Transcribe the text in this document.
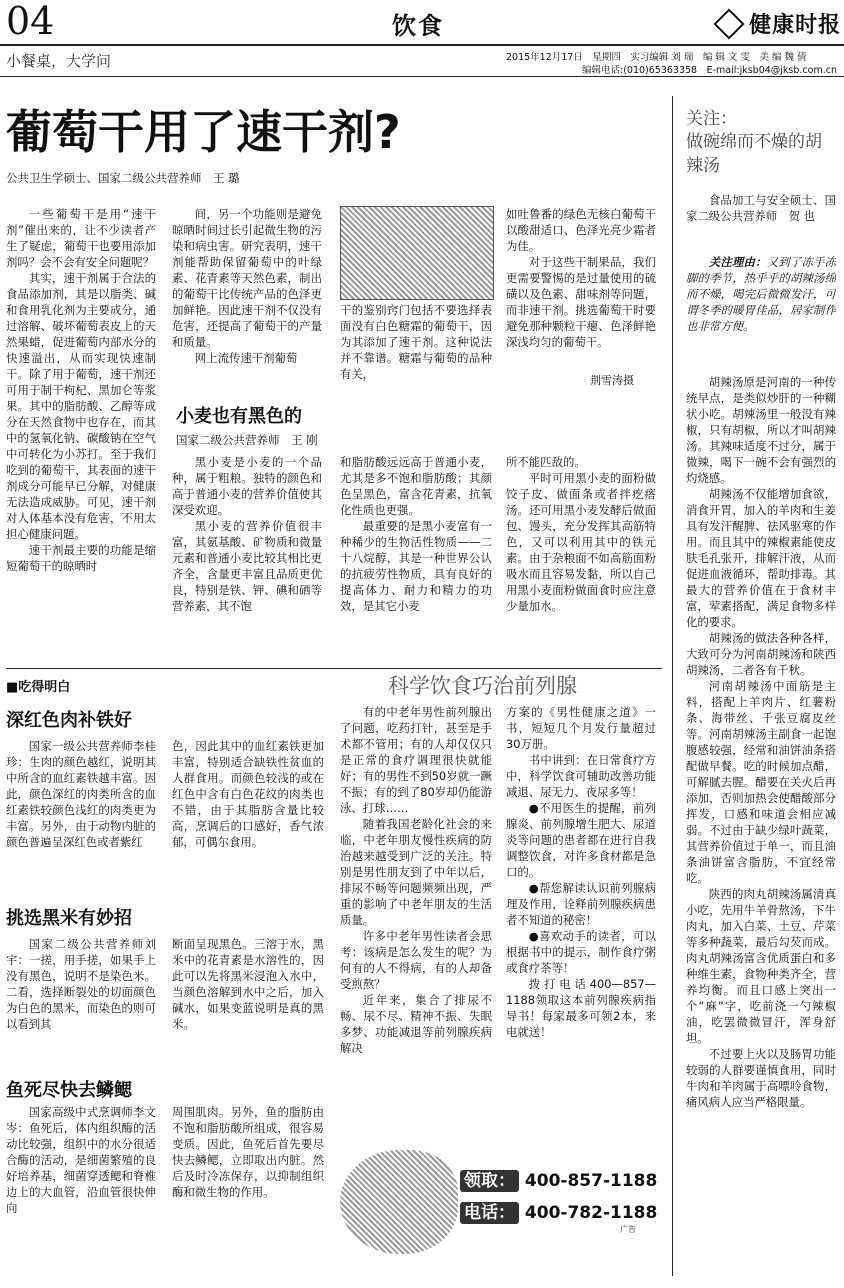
04	饮食	健康时报
小餐桌，大学问	2015年12月17日　星期四　实习编辑 刘 瑞　编 辑 文 雯　美 编 魏 倩
编辑电话:(010)65363358　E-mail:jksb04@jksb.com.cn
葡萄干用了速干剂?
公共卫生学硕士、国家二级公共营养师　王 璐

一些葡萄干是用“速干剂”催出来的，让不少读者产生了疑虑，葡萄干也要用添加剂吗？会不会有安全问题呢？

其实，速干剂属于合法的食品添加剂，其是以脂类、碱和食用乳化剂为主要成分，通过溶解、破坏葡萄表皮上的天然果蜡，促进葡萄内部水分的快速溢出，从而实现快速制干。除了用于葡萄，速干剂还可用于制干枸杞、黑加仑等浆果。其中的脂肪酸、乙醇等成分在天然食物中也存在，而其中的氢氧化钠、碳酸钠在空气中可转化为小苏打。至于我们吃到的葡萄干，其表面的速干剂成分可能早已分解，对健康无法造成威胁。可见，速干剂对人体基本没有危害，不用太担心健康问题。

速干剂最主要的功能是缩短葡萄干的晾晒时

间，另一个功能则是避免晾晒时间过长引起微生物的污染和病虫害。研究表明，速干剂能帮助保留葡萄中的叶绿素、花青素等天然色素，制出的葡萄干比传统产品的色泽更加鲜艳。因此速干剂不仅没有危害，还提高了葡萄干的产量和质量。

网上流传速干剂葡萄

干的鉴别窍门包括不要选择表面没有白色糖霜的葡萄干，因为其添加了速干剂。这种说法并不靠谱。糖霜与葡萄的品种有关，

如吐鲁番的绿色无核白葡萄干以酸甜适口、色泽光亮少霜者为佳。

对于这些干制果品，我们更需要警惕的是过量使用的硫磺以及色素、甜味剂等问题，而非速干剂。挑选葡萄干时要避免那种颗粒干瘪、色泽鲜艳深浅均匀的葡萄干。

荆雪涛摄
小麦也有黑色的
国家二级公共营养师　王 刚

黑小麦是小麦的一个品种，属于粗粮。独特的颜色和高于普通小麦的营养价值使其深受欢迎。

黑小麦的营养价值很丰富，其氨基酸、矿物质和微量元素和普通小麦比较其相比更齐全，含量更丰富且品质更优良，特别是铁、钾、碘和硒等营养素，其不饱

和脂肪酸远远高于普通小麦，尤其是多不饱和脂肪酸；其颜色呈黑色，富含花青素，抗氧化性质也更强。

最重要的是黑小麦富有一种稀少的生物活性物质——二十八烷醇，其是一种世界公认的抗疲劳性物质，具有良好的提高体力、耐力和精力的功效，是其它小麦

所不能匹敌的。

平时可用黑小麦的面粉做饺子皮、做面条或者拌疙瘩汤。还可用黑小麦发酵后做面包、馒头，充分发挥其高筋特色，又可以利用其中的铁元素。由于杂粮面不如高筋面粉吸水而且容易发黏，所以自己用黑小麦面粉做面食时应注意少量加水。

关注：
做碗绵而不燥的胡辣汤

食品加工与安全硕士、国家二级公共营养师　贺 也

关注理由：又到了冻手冻脚的季节，热乎乎的胡辣汤绵而不燥，喝完后微微发汗，可谓冬季的暖胃佳品，居家制作也非常方便。

胡辣汤原是河南的一种传统早点，是类似炒肝的一种糊状小吃。胡辣汤里一般没有辣椒，只有胡椒，所以才叫胡辣汤。其辣味适度不过分，属于微辣，喝下一碗不会有强烈的灼烧感。

胡辣汤不仅能增加食欲，消食开胃，加入的羊肉和生姜具有发汗醒脾、祛风驱寒的作用。而且其中的辣椒素能使皮肤毛孔张开，排解汗液，从而促进血液循环，帮助排毒。其最大的营养价值在于食材丰富，荤素搭配，满足食物多样化的要求。

胡辣汤的做法各种各样，大致可分为河南胡辣汤和陕西胡辣汤，二者各有千秋。

河南胡辣汤中面筋是主料，搭配上羊肉片、红薯粉条、海带丝、千张豆腐皮丝等。河南胡辣汤主副食一起饱腹感较强，经常和油饼油条搭配做早餐。吃的时候加点醋，可解腻去腥。醋要在关火后再添加，否则加热会使醋酸部分挥发，口感和味道会相应减弱。不过由于缺少绿叶蔬菜，其营养价值过于单一，而且油条油饼富含脂肪，不宜经常吃。

陕西的肉丸胡辣汤属清真小吃，先用牛羊骨熬汤，下牛肉丸，加入白菜、土豆、芹菜等多种蔬菜，最后勾芡而成。肉丸胡辣汤富含优质蛋白和多种维生素，食物种类齐全，营养均衡。而且口感上突出一个“麻”字，吃前浇一勺辣椒油，吃罢微微冒汗，浑身舒坦。

不过要上火以及肠胃功能较弱的人群要谨慎食用，同时牛肉和羊肉属于高嘌呤食物，痛风病人应当严格限量。

■吃得明白
深红色肉补铁好

国家一级公共营养师李桂珍：生肉的颜色越红，说明其中所含的血红素铁越丰富。因此，颜色深红的肉类所含的血红素铁较颜色浅红的肉类更为丰富。另外，由于动物内脏的颜色普遍呈深红色或者紫红

色，因此其中的血红素铁更加丰富，特别适合缺铁性贫血的人群食用。而颜色较浅的或在红色中含有白色花纹的肉类也不错，由于其脂肪含量比较高，烹调后的口感好，香气浓郁，可偶尔食用。

挑选黑米有妙招

国家二级公共营养师刘宇：一搓，用手搓，如果手上没有黑色，说明不是染色米。二看，选择断裂处的切面颜色为白色的黑米，而染色的则可以看到其

断面呈现黑色。三溶于水，黑米中的花青素是水溶性的，因此可以先将黑米浸泡入水中，当颜色溶解到水中之后，加入碱水，如果变蓝说明是真的黑米。

鱼死尽快去鳞鳃

国家高级中式烹调师李文岑：鱼死后，体内组织酶的活动比较强，组织中的水分很适合酶的活动，是细菌繁殖的良好培养基，细菌穿透鳃和脊椎边上的大血管，沿血管很快伸向

周围肌肉。另外，鱼的脂肪由不饱和脂肪酸所组成，很容易变质。因此，鱼死后首先要尽快去鳞鳃，立即取出内脏。然后及时冷冻保存，以抑制组织酶和微生物的作用。

科学饮食巧治前列腺

有的中老年男性前列腺出了问题，吃药打针，甚至是手术都不管用；有的人却仅仅只是正常的食疗调理很快就能好；有的男性不到50岁就一蹶不振；有的到了80岁却仍能游泳、打球……

随着我国老龄化社会的来临，中老年朋友慢性疾病的防治越来越受到广泛的关注。特别是男性朋友到了中年以后，排尿不畅等问题频频出现，严重的影响了中老年朋友的生活质量。

许多中老年男性读者会思考：该病是怎么发生的呢？为何有的人不得病，有的人却备受煎熬？

近年来，集合了排尿不畅、尿不尽、精神不振、失眠多梦、功能减退等前列腺疾病解决

方案的《男性健康之道》一书，短短几个月发行量超过30万册。

书中讲到：在日常食疗方中，科学饮食可辅助改善功能减退、尿无力、夜尿多等！

●不用医生的提醒，前列腺炎、前列腺增生肥大、尿道炎等问题的患者都在进行自我调整饮食，对许多食材都是急口的。

●帮您解读认识前列腺病理及作用，诠释前列腺疾病患者不知道的秘密！

●喜欢动手的读者，可以根据书中的提示，制作食疗粥或食疗茶等！

拨打电话400—857—1188领取这本前列腺疾病指导书！每家最多可领2本，来电就送！

领取： 400-857-1188
电话： 400-782-1188
广告
